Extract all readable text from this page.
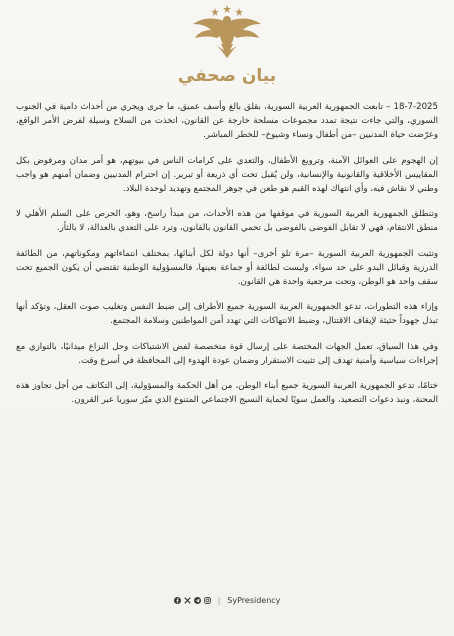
بيان صحفي

18-7-2025 – تابعت الجمهورية العربية السورية، بقلق بالغ وأسف عميق، ما جرى ويجري من أحداث دامية في الجنوب السوري، والتي جاءت نتيجة تمدد مجموعات مسلحة خارجة عن القانون، اتخذت من السلاح وسيلة لفرض الأمر الواقع، وعرّضت حياة المدنيين –من أطفال ونساء وشيوخ– للخطر المباشر.

إن الهجوم على العوائل الآمنة، وترويع الأطفال، والتعدي على كرامات الناس في بيوتهم، هو أمر مدان ومرفوض بكل المقاييس الأخلاقية والقانونية والإنسانية، ولن يُقبل تحت أي ذريعة أو تبرير. إن احترام المدنيين وضمان أمنهم هو واجب وطني لا نقاش فيه، وأي انتهاك لهذه القيم هو طعن في جوهر المجتمع وتهديد لوحدة البلاد.

وتنطلق الجمهورية العربية السورية في موقفها من هذه الأحداث، من مبدأ راسخ، وهو، الحرص على السلم الأهلي لا منطق الانتقام، فهي لا تقابل الفوضى بالفوضى بل تحمي القانون بالقانون، وترد على التعدي بالعدالة، لا بالثأر.

وتثبت الجمهورية العربية السورية –مرة تلو أخرى– أنها دولة لكل أبنائها، بمختلف انتماءاتهم ومكوناتهم، من الطائفة الدرزية وقبائل البدو على حد سواء، وليست لطائفة أو جماعة بعينها، فالمسؤولية الوطنية تقتضي أن يكون الجميع تحت سقف واحد هو الوطن، وتحت مرجعية واحدة هي القانون.

وإزاء هذه التطورات، تدعو الجمهورية العربية السورية جميع الأطراف إلى ضبط النفس وتغليب صوت العقل، وتؤكد أنها تبذل جهوداً حثيثة لإيقاف الاقتتال، وضبط الانتهاكات التي تهدد أمن المواطنين وسلامة المجتمع.

وفي هذا السياق، تعمل الجهات المختصة على إرسال قوة متخصصة لفض الاشتباكات وحل النزاع ميدانيًا، بالتوازي مع إجراءات سياسية وأمنية تهدف إلى تثبيت الاستقرار وضمان عودة الهدوء إلى المحافظة في أسرع وقت.

ختامًا، تدعو الجمهورية العربية السورية جميع أبناء الوطن، من أهل الحكمة والمسؤولية، إلى التكاتف من أجل تجاوز هذه المحنة، ونبذ دعوات التصعيد، والعمل سويًا لحماية النسيج الاجتماعي المتنوع الذي ميّز سوريا عبر القرون.

| SyPresidency
